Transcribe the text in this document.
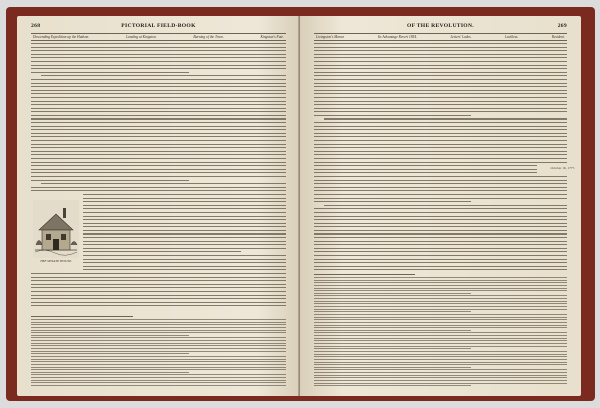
268	PICTORIAL FIELD-BOOK
Descending Expedition up the Hudson.	Landing at Kingston.	Burning of the Town.	Kingston's Fate.
THE SENATE HOUSE.
OF THE REVOLUTION.	269
Livingston's Manor.	Its Advantage Revert 1854.	Letters' Lades.	Luckless.	Resident.
October 16, 1777.
